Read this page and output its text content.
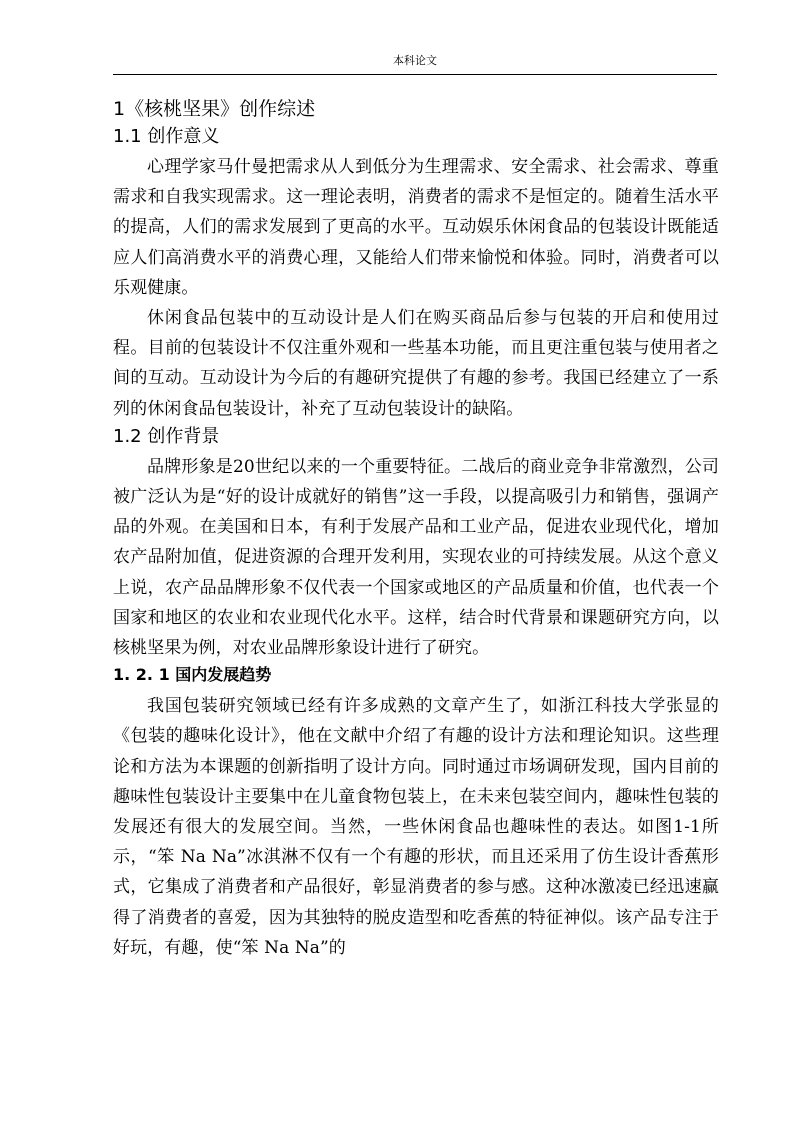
本科论文
1《核桃坚果》创作综述
1.1 创作意义

心理学家马什曼把需求从人到低分为生理需求、安全需求、社会需求、尊重需求和自我实现需求。这一理论表明，消费者的需求不是恒定的。随着生活水平的提高，人们的需求发展到了更高的水平。互动娱乐休闲食品的包装设计既能适应人们高消费水平的消费心理，又能给人们带来愉悦和体验。同时，消费者可以乐观健康。

休闲食品包装中的互动设计是人们在购买商品后参与包装的开启和使用过程。目前的包装设计不仅注重外观和一些基本功能，而且更注重包装与使用者之间的互动。互动设计为今后的有趣研究提供了有趣的参考。我国已经建立了一系列的休闲食品包装设计，补充了互动包装设计的缺陷。

1.2 创作背景

品牌形象是20世纪以来的一个重要特征。二战后的商业竞争非常激烈，公司被广泛认为是“好的设计成就好的销售”这一手段，以提高吸引力和销售，强调产品的外观。在美国和日本，有利于发展产品和工业产品，促进农业现代化，增加农产品附加值，促进资源的合理开发利用，实现农业的可持续发展。从这个意义上说，农产品品牌形象不仅代表一个国家或地区的产品质量和价值，也代表一个国家和地区的农业和农业现代化水平。这样，结合时代背景和课题研究方向，以核桃坚果为例，对农业品牌形象设计进行了研究。

1. 2. 1 国内发展趋势

我国包装研究领域已经有许多成熟的文章产生了，如浙江科技大学张显的《包装的趣味化设计》，他在文献中介绍了有趣的设计方法和理论知识。这些理论和方法为本课题的创新指明了设计方向。同时通过市场调研发现，国内目前的趣味性包装设计主要集中在儿童食物包装上，在未来包装空间内，趣味性包装的发展还有很大的发展空间。当然，一些休闲食品也趣味性的表达。如图1-1所示，“笨 Na Na”冰淇淋不仅有一个有趣的形状，而且还采用了仿生设计香蕉形式，它集成了消费者和产品很好，彰显消费者的参与感。这种冰激凌已经迅速赢得了消费者的喜爱，因为其独特的脱皮造型和吃香蕉的特征神似。该产品专注于好玩，有趣，使“笨 Na Na”的
